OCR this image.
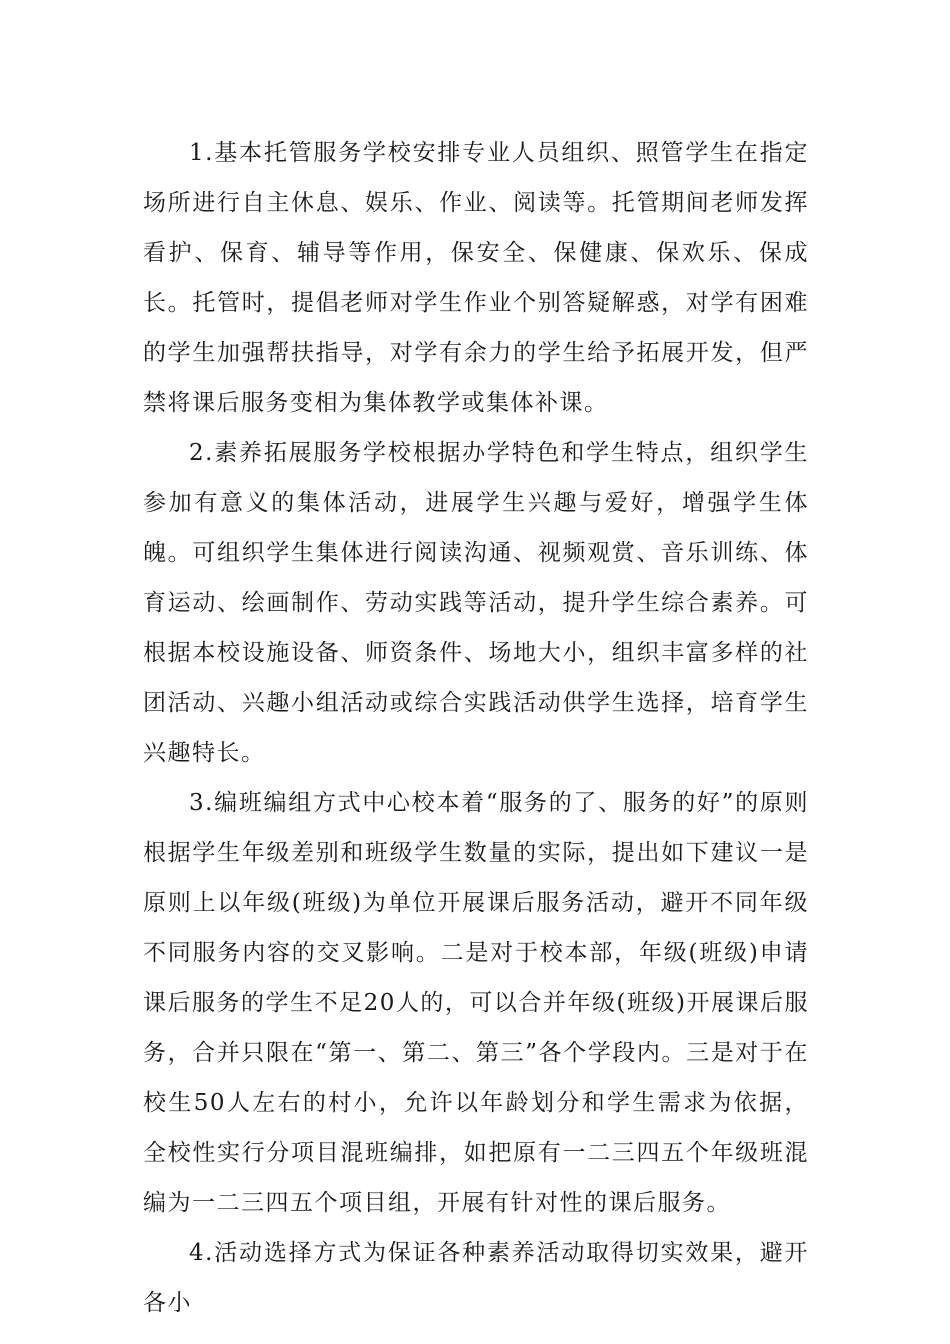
1.基本托管服务学校安排专业人员组织、照管学生在指定场所进行自主休息、娱乐、作业、阅读等。托管期间老师发挥看护、保育、辅导等作用，保安全、保健康、保欢乐、保成长。托管时，提倡老师对学生作业个别答疑解惑，对学有困难的学生加强帮扶指导，对学有余力的学生给予拓展开发，但严禁将课后服务变相为集体教学或集体补课。

2.素养拓展服务学校根据办学特色和学生特点，组织学生参加有意义的集体活动，进展学生兴趣与爱好，增强学生体魄。可组织学生集体进行阅读沟通、视频观赏、音乐训练、体育运动、绘画制作、劳动实践等活动，提升学生综合素养。可根据本校设施设备、师资条件、场地大小，组织丰富多样的社团活动、兴趣小组活动或综合实践活动供学生选择，培育学生兴趣特长。

3.编班编组方式中心校本着“服务的了、服务的好”的原则根据学生年级差别和班级学生数量的实际，提出如下建议一是原则上以年级(班级)为单位开展课后服务活动，避开不同年级不同服务内容的交叉影响。二是对于校本部，年级(班级)申请课后服务的学生不足20人的，可以合并年级(班级)开展课后服务，合并只限在“第一、第二、第三”各个学段内。三是对于在校生50人左右的村小，允许以年龄划分和学生需求为依据，全校性实行分项目混班编排，如把原有一二三四五个年级班混编为一二三四五个项目组，开展有针对性的课后服务。

4.活动选择方式为保证各种素养活动取得切实效果，避开各小
